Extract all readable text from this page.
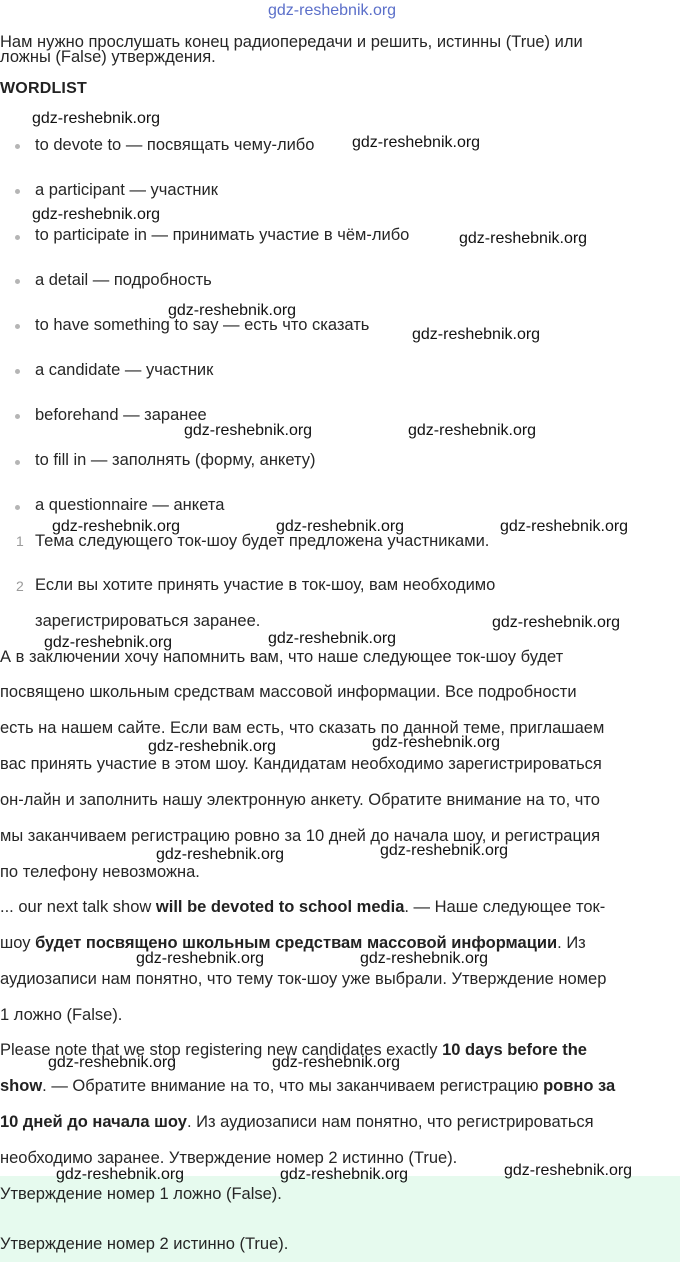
gdz-reshebnik.org
Нам нужно прослушать конец радиопередачи и решить, истинны (True) или
ложны (False) утверждения.
WORDLIST
to devote to — посвящать чему-либо
a participant — участник
to participate in — принимать участие в чём-либо
a detail — подробность
to have something to say — есть что сказать
a candidate — участник
beforehand — заранее
to fill in — заполнять (форму, анкету)
a questionnaire — анкета
1 Тема следующего ток-шоу будет предложена участниками.
2 Если вы хотите принять участие в ток-шоу, вам необходимо
зарегистрироваться заранее.
А в заключении хочу напомнить вам, что наше следующее ток-шоу будет
посвящено школьным средствам массовой информации. Все подробности
есть на нашем сайте. Если вам есть, что сказать по данной теме, приглашаем
вас принять участие в этом шоу. Кандидатам необходимо зарегистрироваться
он-лайн и заполнить нашу электронную анкету. Обратите внимание на то, что
мы заканчиваем регистрацию ровно за 10 дней до начала шоу, и регистрация
по телефону невозможна.
... our next talk show will be devoted to school media. — Наше следующее ток-
шоу будет посвящено школьным средствам массовой информации. Из
аудиозаписи нам понятно, что тему ток-шоу уже выбрали. Утверждение номер
1 ложно (False).
Please note that we stop registering new candidates exactly 10 days before the
show. — Обратите внимание на то, что мы заканчиваем регистрацию ровно за
10 дней до начала шоу. Из аудиозаписи нам понятно, что регистрироваться
необходимо заранее. Утверждение номер 2 истинно (True).
Утверждение номер 1 ложно (False).
Утверждение номер 2 истинно (True).
gdz-reshebnik.org
gdz-reshebnik.org
gdz-reshebnik.org
gdz-reshebnik.org
gdz-reshebnik.org
gdz-reshebnik.org
gdz-reshebnik.org	gdz-reshebnik.org
gdz-reshebnik.org	gdz-reshebnik.org	gdz-reshebnik.org
gdz-reshebnik.org
gdz-reshebnik.org	gdz-reshebnik.org
gdz-reshebnik.org	gdz-reshebnik.org
gdz-reshebnik.org	gdz-reshebnik.org
gdz-reshebnik.org	gdz-reshebnik.org
gdz-reshebnik.org	gdz-reshebnik.org
gdz-reshebnik.org	gdz-reshebnik.org	gdz-reshebnik.org
